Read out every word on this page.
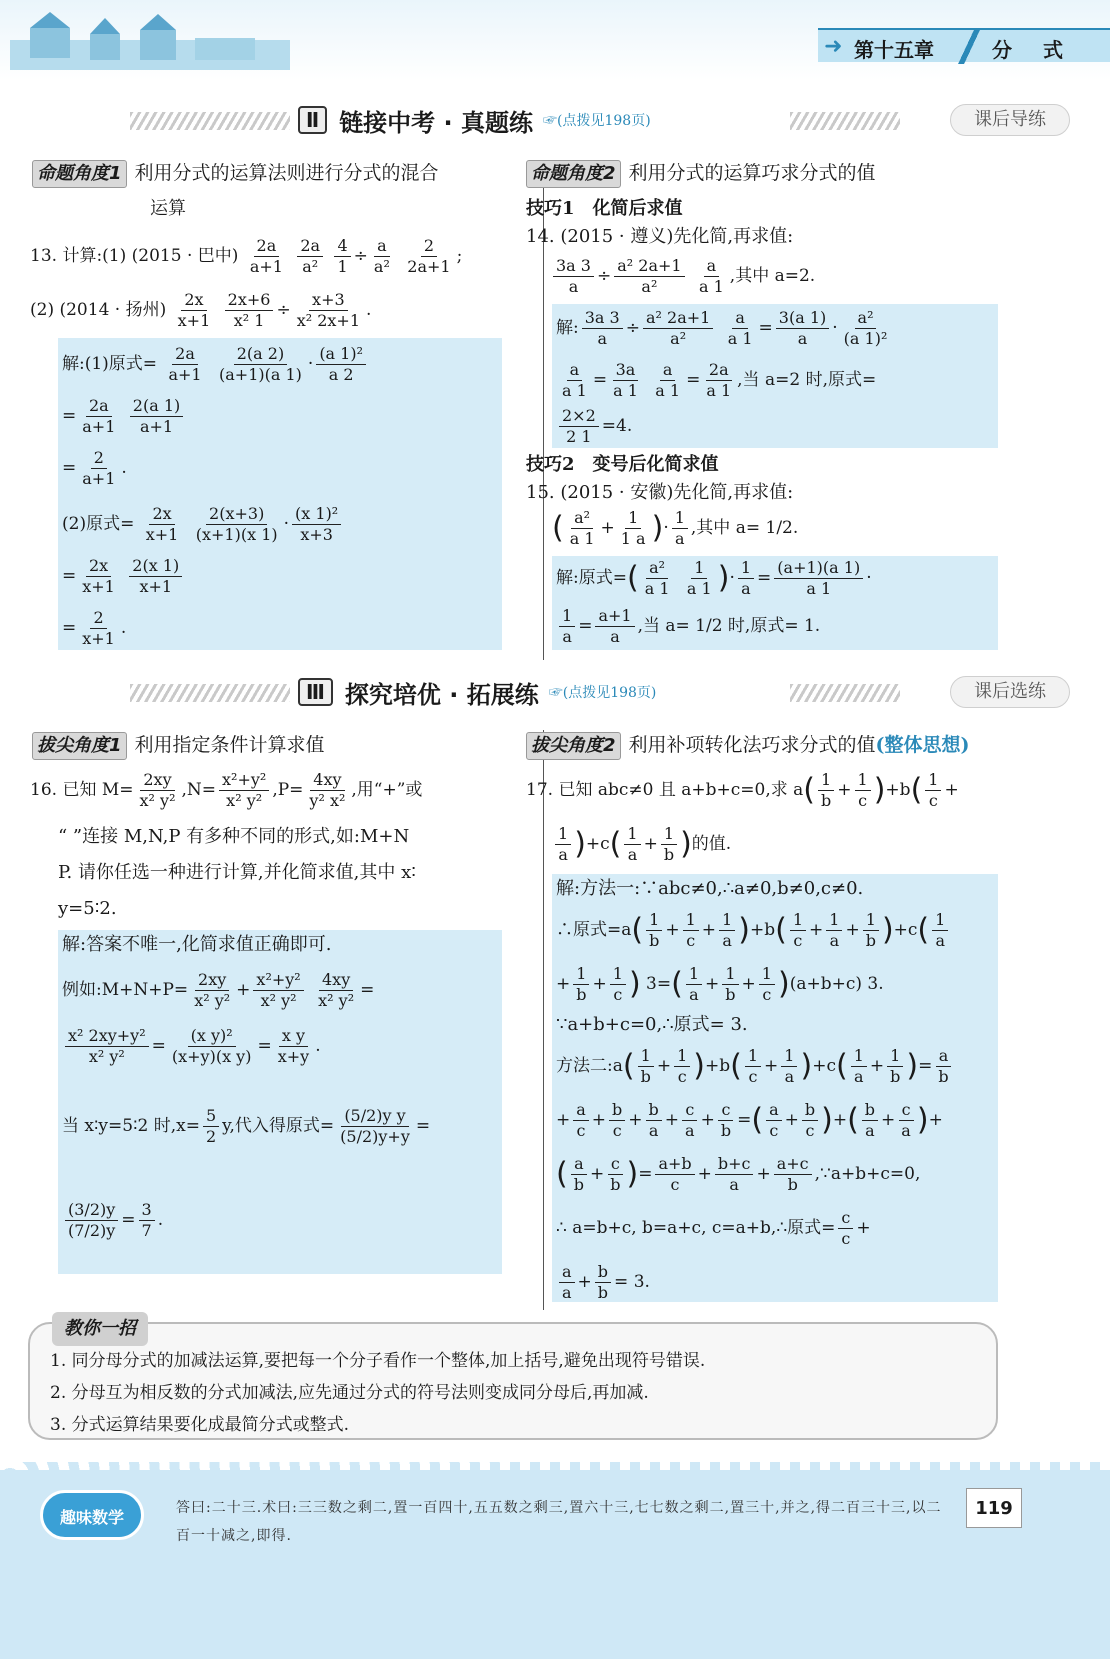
➜ 第十五章	分 式
Ⅱ 链接中考 · 真题练 ☞(点拨见198页)	课后导练
命题角度1 利用分式的运算法则进行分式的混合
运算
13. 计算:(1) (2015 · 巴中) $\frac{2a}{a+1}$
$\frac{2a}{\text{a²}}$
$\frac{4}{1} \div \frac{a}{\text{a²}}$
$\frac{2}{2a+1}$ ;
(2) (2014 · 扬州) $\frac{2x}{x+1}$
$\frac{2x+6}{\text{x² 1}} \div \frac{x+3}{\text{x² 2x+1}}$ .
解:(1)原式= $\frac{2a}{a+1}$
$\frac{2(a 2)}{(a+1)(a 1)} \cdot \frac{\text{(a 1)²}}{a 2}$
= $\frac{2a}{a+1}$
$\frac{2(a 1)}{a+1}$
= $\frac{2}{a+1}$ .
(2)原式= $\frac{2x}{x+1}$
$\frac{2(x+3)}{(x+1)(x 1)} \cdot \frac{\text{(x 1)²}}{x+3}$
= $\frac{2x}{x+1}$
$\frac{2(x 1)}{x+1}$
= $\frac{2}{x+1}$ .
命题角度2 利用分式的运算巧求分式的值
技巧1　化简后求值
14. (2015 · 遵义)先化简,再求值:
$\frac{3a 3}{a} \div \frac{\text{a² 2a+1}}{\text{a²}}$
$\frac{a}{a 1}$ ,其中 a=2.
解: $\frac{3a 3}{a} \div \frac{\text{a² 2a+1}}{\text{a²}}$
$\frac{a}{a 1} = \frac{3(a 1)}{a} \cdot \frac{\text{a²}}{\text{(a 1)²}}$
$\frac{a}{a 1} = \frac{3a}{a 1}$
$\frac{a}{a 1} = \frac{2a}{a 1}$ ,当 a=2 时,原式=
$\frac{2\times 2}{2 1} =4$.
技巧2　变号后化简求值
15. (2015 · 安徽)先化简,再求值:
( $\frac{\text{a²}}{a 1} + \frac{1}{1 a}$ )· $\frac{1}{a}$ ,其中 a= 1/2.
解:原式=( $\frac{\text{a²}}{a 1}$
$\frac{1}{a 1}$ )· $\frac{1}{a} = \frac{(a+1)(a 1)}{a 1}$ ·
$\frac{1}{a} = \frac{a+1}{a}$ ,当 a= 1/2 时,原式= 1.
Ⅲ 探究培优 · 拓展练 ☞(点拨见198页)	课后选练
拔尖角度1 利用指定条件计算求值
16. 已知 $M= \frac{2xy}{\text{x² y²}} ,N= \frac{\text{x²+y²}}{\text{x² y²}} ,P= \frac{4xy}{\text{y² x²}}$ ,用“+”或
“ ”连接 M,N,P 有多种不同的形式,如:M+N
P. 请你任选一种进行计算,并化简求值,其中 x∶
y=5∶2.
解:答案不唯一,化简求值正确即可.
例如:M+N+P= $\frac{2xy}{\text{x² y²}} + \frac{\text{x²+y²}}{\text{x² y²}}$
$\frac{4xy}{\text{x² y²}}$ =
$\frac{\text{x² 2xy+y²}}{\text{x² y²}} = \frac{\text{(x y)²}}{\text{(x+y)(x y)}} = \frac{\text{x y}}{x+y}$ .
当 x∶y=5∶2 时$,x= \frac{5}{2} y$,代入得原式= $\frac{\text{(5/2)y y}}{(5/2)y+y}$ =
$\frac{(3/2)y}{(7/2)y} = \frac{3}{7}$ .
拔尖角度2 利用补项转化法巧求分式的值(整体思想)
17. 已知 abc≠0 且 a+b+c=0,求 $a( \frac{1}{b} + \frac{1}{c} )+b( \frac{1}{c}$ +
$\frac{1}{a} )+c( \frac{1}{a} + \frac{1}{b}$ )的值.
解:方法一:∵abc≠0,∴a≠0,b≠0,c≠0.
∴原式$=a( \frac{1}{b} + \frac{1}{c} + \frac{1}{a} )+b( \frac{1}{c} + \frac{1}{a} + \frac{1}{b} )+c( \frac{1}{a}$
+ $\frac{1}{b} + \frac{1}{c}$ ) $3=( \frac{1}{a} + \frac{1}{b} + \frac{1}{c} )(a+b+c)$ 3.
∵a+b+c=0,∴原式= 3.
方法二:a( $\frac{1}{b} + \frac{1}{c} )+b( \frac{1}{c} + \frac{1}{a} )+c( \frac{1}{a} + \frac{1}{b}$ )= $\frac{a}{b}$
+ $\frac{a}{c} + \frac{b}{c} + \frac{b}{a} + \frac{c}{a} + \frac{c}{b}$ =( $\frac{a}{c} + \frac{b}{c}$ )+( $\frac{b}{a} + \frac{c}{a}$ )+
( $\frac{a}{b} + \frac{c}{b}$ )= $\frac{a+b}{c} + \frac{b+c}{a} + \frac{a+c}{b}$ ,∵a+b+c=0,
∴ a=b+c, b=a+c, c=a+b,∴原式= $\frac{c}{c}$ +
$\frac{a}{a} + \frac{b}{b} = 3$.
教你一招
1. 同分母分式的加减法运算,要把每一个分子看作一个整体,加上括号,避免出现符号错误.
2. 分母互为相反数的分式加减法,应先通过分式的符号法则变成同分母后,再加减.
3. 分式运算结果要化成最简分式或整式.
趣味数学	答曰:二十三.术曰:三三数之剩二,置一百四十,五五数之剩三,置六十三,七七数之剩二,置三十,并之,得二百三十三,以二百一十减之,即得.
119
